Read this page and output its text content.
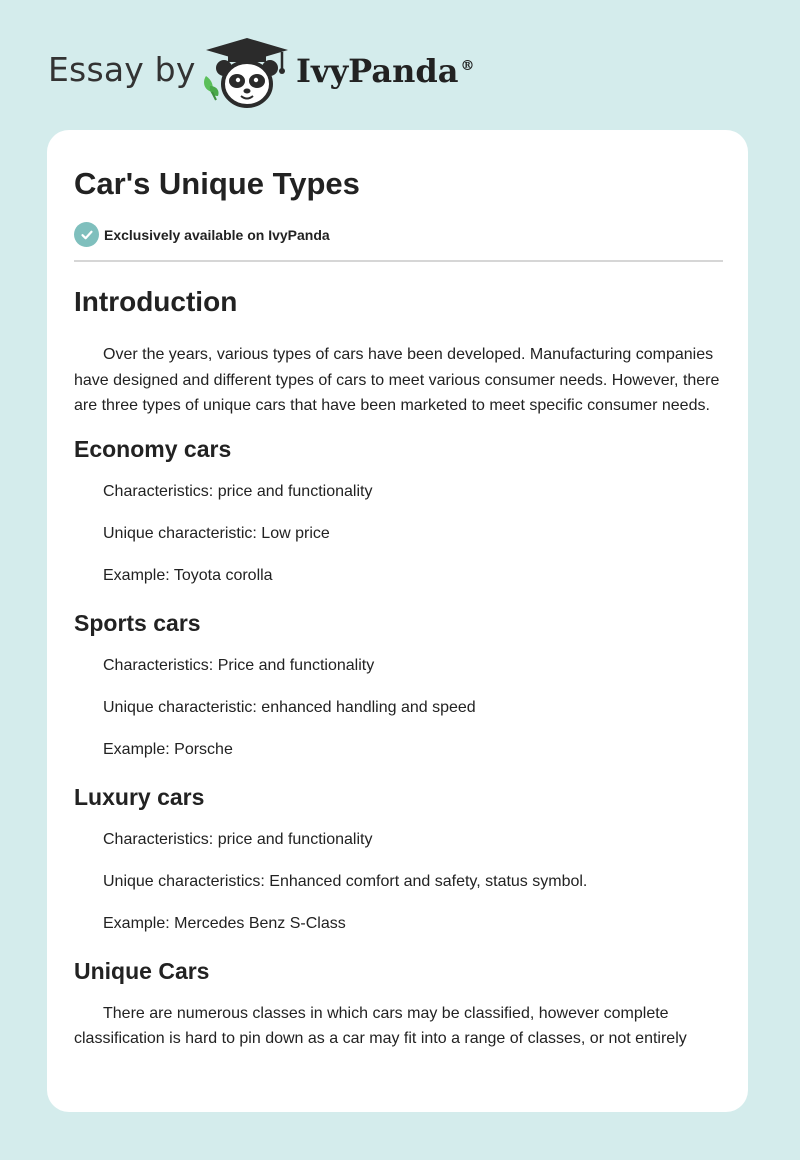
Essay by	IvyPanda ®
Car's Unique Types
Exclusively available on IvyPanda
Introduction

Over the years, various types of cars have been developed. Manufacturing companies have designed and different types of cars to meet various consumer needs. However, there are three types of unique cars that have been marketed to meet specific consumer needs.

Economy cars

Characteristics: price and functionality

Unique characteristic: Low price

Example: Toyota corolla

Sports cars

Characteristics: Price and functionality

Unique characteristic: enhanced handling and speed

Example: Porsche

Luxury cars

Characteristics: price and functionality

Unique characteristics: Enhanced comfort and safety, status symbol.

Example: Mercedes Benz S-Class

Unique Cars

There are numerous classes in which cars may be classified, however complete classification is hard to pin down as a car may fit into a range of classes, or not entirely
